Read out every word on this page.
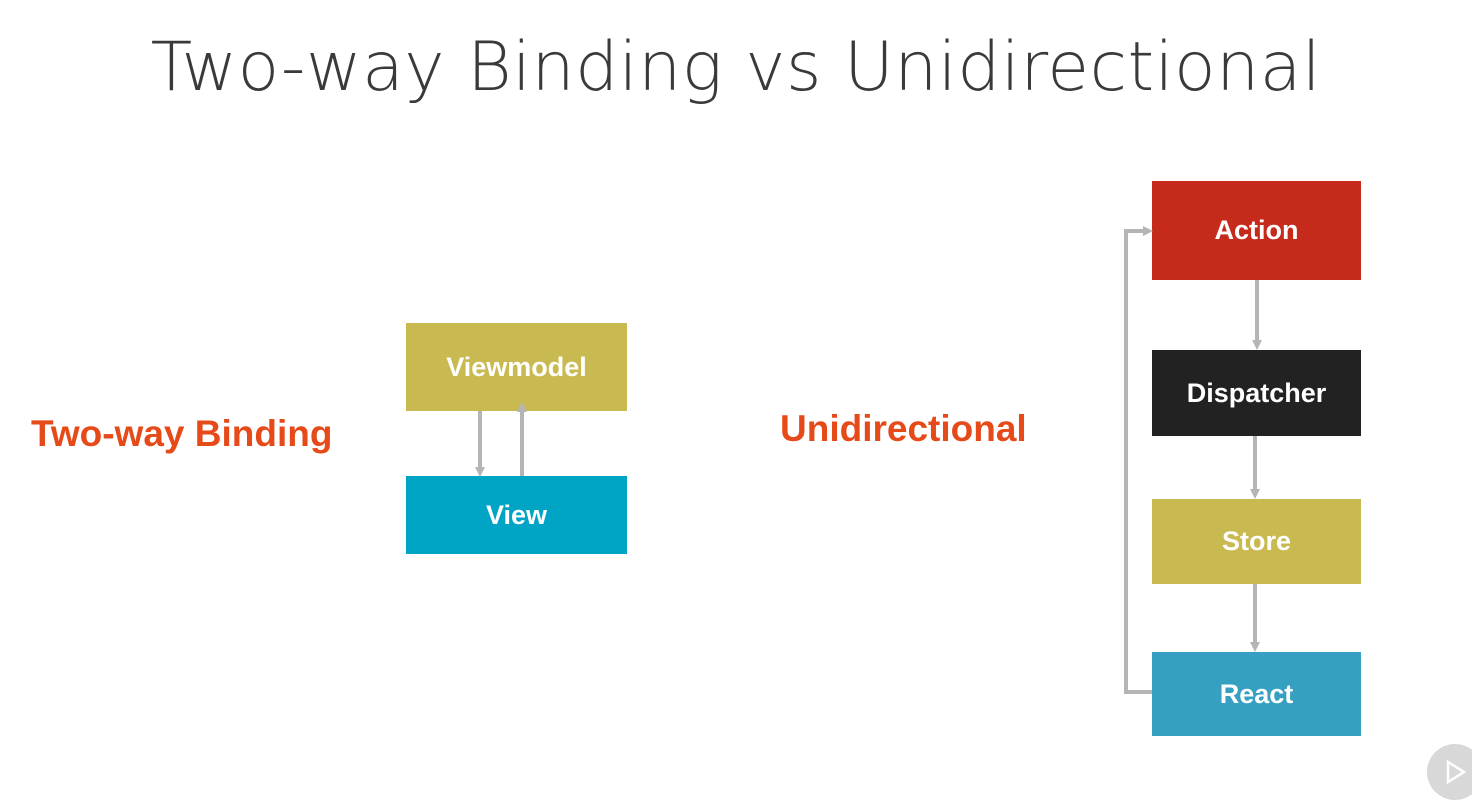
Two-way Binding vs Unidirectional
Two-way Binding
Viewmodel
View
Unidirectional
Action
Dispatcher
Store
React
